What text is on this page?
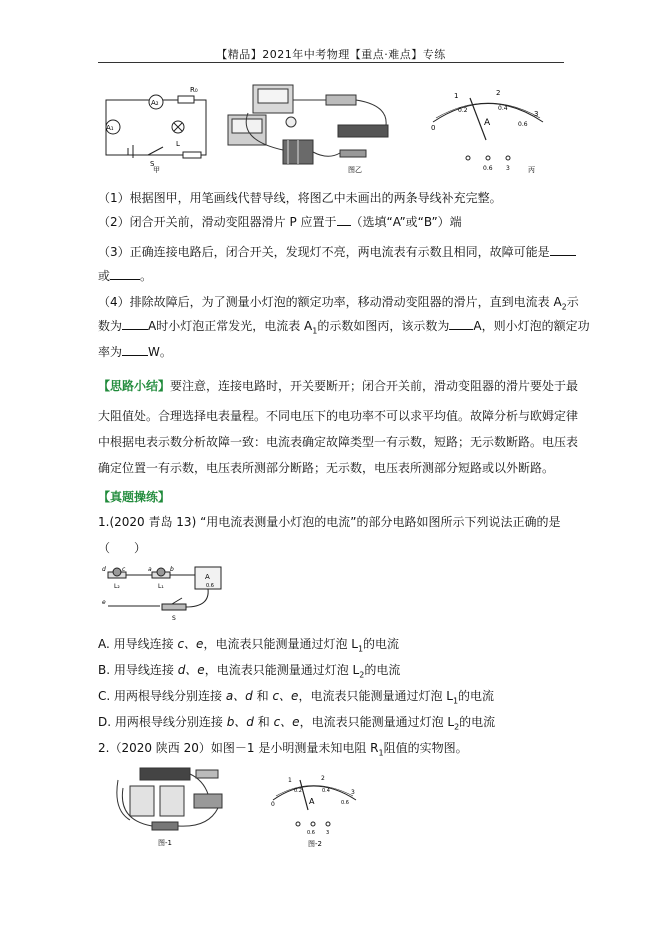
【精品】2021年中考物理【重点·难点】专练
A₁
A₂
R₀
S
L
甲	图乙
0
1	2
3
0.2	0.4
0.6
A
0.6 3	丙
（1）根据图甲，用笔画线代替导线，将图乙中未画出的两条导线补充完整。
（2）闭合开关前，滑动变阻器滑片 P 应置于 （选填“A”或“B”）端
（3）正确连接电路后，闭合开关，发现灯不亮，两电流表有示数且相同，故障可能是
或	。
（4）排除故障后，为了测量小灯泡的额定功率，移动滑动变阻器的滑片，直到电流表 $A_2$示
数为 A时小灯泡正常发光，电流表 $A_1$的示数如图丙，该示数为 A，则小灯泡的额定功
率为 W。
【思路小结】要注意，连接电路时，开关要断开；闭合开关前，滑动变阻器的滑片要处于最
大阻值处。合理选择电表量程。不同电压下的电功率不可以求平均值。故障分析与欧姆定律
中根据电表示数分析故障一致：电流表确定故障类型一有示数，短路；无示数断路。电压表
确定位置一有示数，电压表所测部分断路；无示数，电压表所测部分短路或以外断路。
【真题操练】
1.(2020 青岛 13) “用电流表测量小灯泡的电流”的部分电路如图所示下列说法正确的是
（　　）
d	c	a	b
L₂	L₁
A
0.6
e
S
A. 用导线连接 c、e，电流表只能测量通过灯泡 $L_1$的电流
B. 用导线连接 d、e，电流表只能测量通过灯泡 $L_2$的电流
C. 用两根导线分别连接 a、d 和 c、e，电流表只能测量通过灯泡 $L_1$的电流
D. 用两根导线分别连接 b、d 和 c、e，电流表只能测量通过灯泡 $L_2$的电流
2.（2020 陕西 20）如图－1 是小明测量未知电阻 $R_1$阻值的实物图。
图-1
0
1	2
3
0.2	0.4
0.6
A
0.6 3
图-2
